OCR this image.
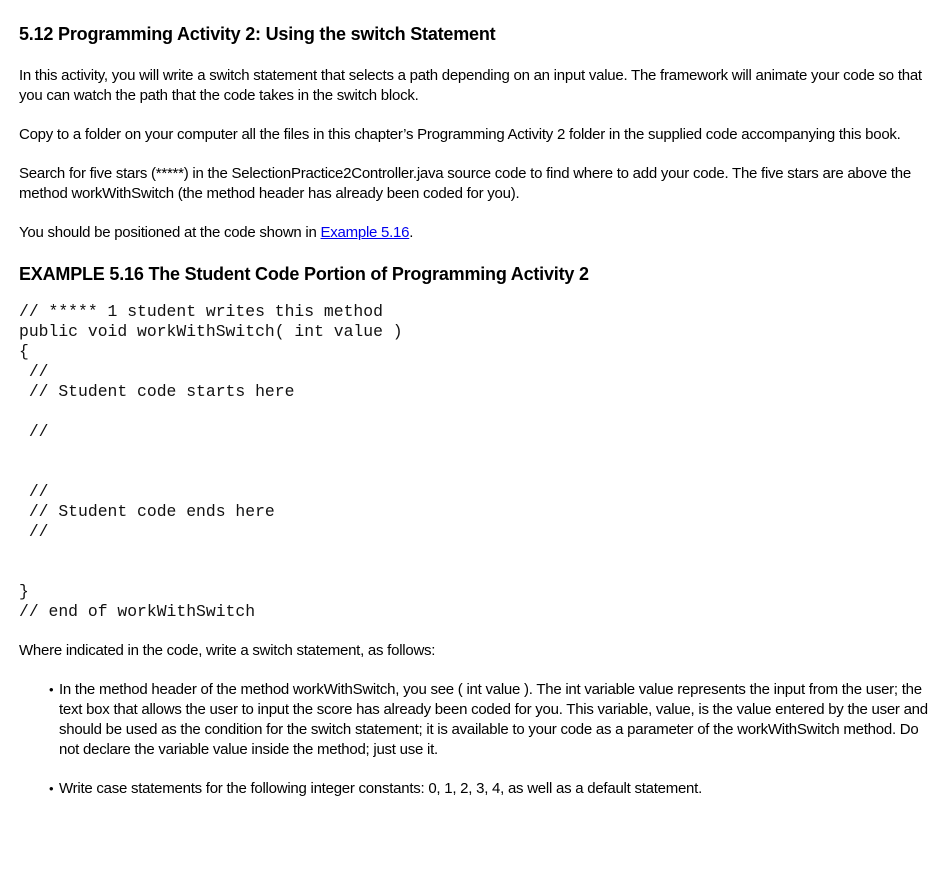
5.12 Programming Activity 2: Using the switch Statement

In this activity, you will write a switch statement that selects a path depending on an input value. The framework will animate your code so that you can watch the path that the code takes in the switch block.

Copy to a folder on your computer all the files in this chapter’s Programming Activity 2 folder in the supplied code accompanying this book.

Search for five stars (*****) in the SelectionPractice2Controller.java source code to find where to add your code. The five stars are above the method workWithSwitch (the method header has already been coded for you).

You should be positioned at the code shown in Example 5.16.

EXAMPLE 5.16 The Student Code Portion of Programming Activity 2
// ***** 1 student writes this method
public void workWithSwitch( int value )
{
//
// Student code starts here

//

//
// Student code ends here
//

}
// end of workWithSwitch

Where indicated in the code, write a switch statement, as follows:

• In the method header of the method workWithSwitch, you see ( int value ). The int variable value represents the input from the user; the text box that allows the user to input the score has already been coded for you. This variable, value, is the value entered by the user and should be used as the condition for the switch statement; it is available to your code as a parameter of the workWithSwitch method. Do not declare the variable value inside the method; just use it.
• Write case statements for the following integer constants: 0, 1, 2, 3, 4, as well as a default statement.
